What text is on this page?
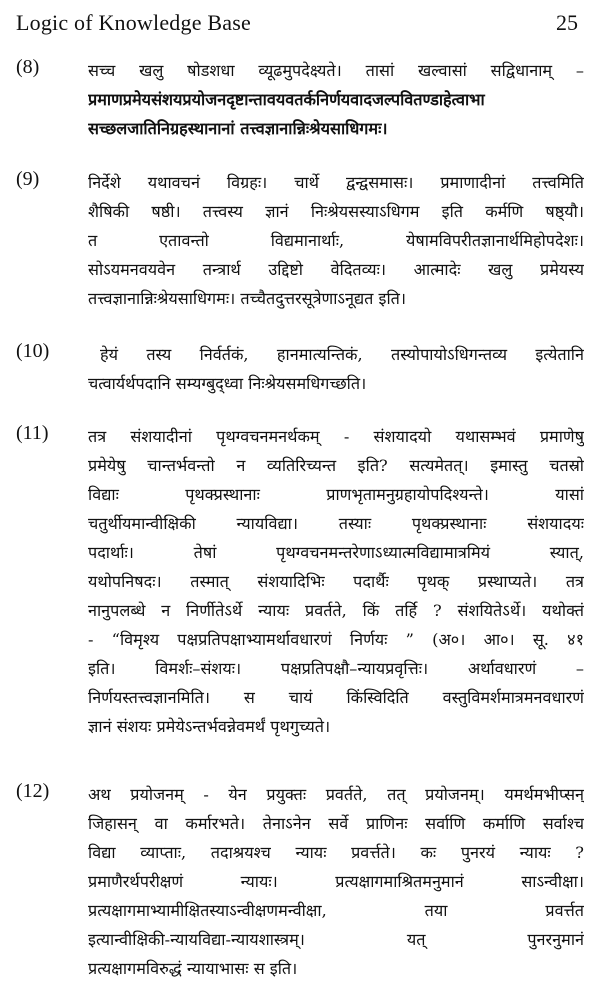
Logic of Knowledge Base	25
(8)	सच्च खलु षोडशधा व्यूढमुपदेक्ष्यते। तासां खल्वासां सद्विधानाम् –
प्रमाणप्रमेयसंशयप्रयोजनदृष्टान्तावयवतर्कनिर्णयवादजल्पवितण्डाहेत्वाभा
सच्छलजातिनिग्रहस्थानानां तत्त्वज्ञानान्निःश्रेयसाधिगमः।
(9)	निर्देशे यथावचनं विग्रहः। चार्थे द्वन्द्वसमासः। प्रमाणादीनां तत्त्वमिति
शैषिकी षष्ठी। तत्त्वस्य ज्ञानं निःश्रेयसस्याऽधिगम इति कर्मणि षष्ठ्यौ।
त एतावन्तो विद्यमानार्थाः, येषामविपरीतज्ञानार्थमिहोपदेशः।
सोऽयमनवयवेन तन्त्रार्थ उद्दिष्टो वेदितव्यः। आत्मादेः खलु प्रमेयस्य
तत्त्वज्ञानान्निःश्रेयसाधिगमः। तच्चैतदुत्तरसूत्रेणाऽनूद्यत इति।
(10)	हेयं तस्य निर्वर्तकं, हानमात्यन्तिकं, तस्योपायोऽधिगन्तव्य इत्येतानि
चत्वार्यर्थपदानि सम्यग्बुद्ध्वा निःश्रेयसमधिगच्छति।
(11) तत्र संशयादीनां पृथग्वचनमनर्थकम् - संशयादयो यथासम्भवं प्रमाणेषु
प्रमेयेषु चान्तर्भवन्तो न व्यतिरिच्यन्त इति? सत्यमेतत्। इमास्तु चतस्रो
विद्याः पृथक्प्रस्थानाः प्राणभृतामनुग्रहायोपदिश्यन्ते। यासां
चतुर्थीयमान्वीक्षिकी न्यायविद्या। तस्याः पृथक्प्रस्थानाः संशयादयः
पदार्थाः। तेषां पृथग्वचनमन्तरेणाऽध्यात्मविद्यामात्रमियं स्यात्,
यथोपनिषदः। तस्मात् संशयादिभिः पदार्थैः पृथक् प्रस्थाप्यते। तत्र
नानुपलब्धे न निर्णीतेऽर्थे न्यायः प्रवर्तते, किं तर्हि ? संशयितेऽर्थे। यथोक्तं
- “विमृश्य पक्षप्रतिपक्षाभ्यामर्थावधारणं निर्णयः ” (अ०। आ०। सू. ४१
इति। विमर्शः–संशयः। पक्षप्रतिपक्षौ–न्यायप्रवृत्तिः। अर्थावधारणं –
निर्णयस्तत्त्वज्ञानमिति। स चायं किंस्विदिति वस्तुविमर्शमात्रमनवधारणं
ज्ञानं संशयः प्रमेयेऽन्तर्भवन्नेवमर्थं पृथगुच्यते।
(12) अथ प्रयोजनम् - येन प्रयुक्तः प्रवर्तते, तत् प्रयोजनम्। यमर्थमभीप्सन्
जिहासन् वा कर्मारभते। तेनाऽनेन सर्वे प्राणिनः सर्वाणि कर्माणि सर्वाश्च
विद्या व्याप्ताः, तदाश्रयश्च न्यायः प्रवर्त्तते। कः पुनरयं न्यायः ?
प्रमाणैरर्थपरीक्षणं न्यायः। प्रत्यक्षागमाश्रितमनुमानं साऽन्वीक्षा।
प्रत्यक्षागमाभ्यामीक्षितस्याऽन्वीक्षणमन्वीक्षा, तया प्रवर्त्तत
इत्यान्वीक्षिकी-न्यायविद्या-न्यायशास्त्रम्। यत् पुनरनुमानं
प्रत्यक्षागमविरुद्धं न्यायाभासः स इति।
